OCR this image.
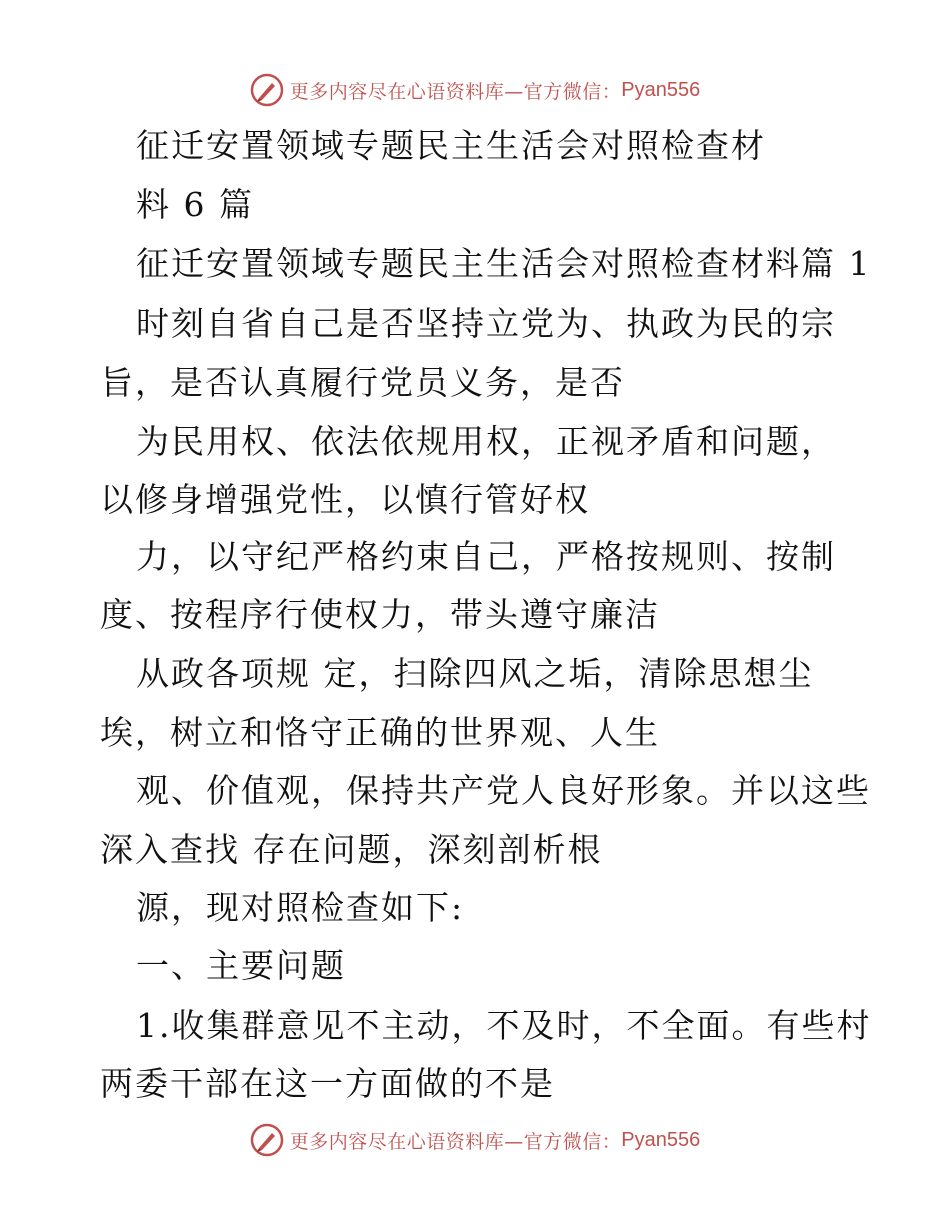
更多内容尽在心语资料库—官方微信： Pyan556
征迁安置领域专题民主生活会对照检查材
料 6 篇
征迁安置领域专题民主生活会对照检查材料篇 1
时刻自省自己是否坚持立党为、执政为民的宗
旨，是否认真履行党员义务，是否
为民用权、依法依规用权，正视矛盾和问题，
以修身增强党性，以慎行管好权
力，以守纪严格约束自己，严格按规则、按制
度、按程序行使权力，带头遵守廉洁
从政各项规 定，扫除四风之垢，清除思想尘
埃，树立和恪守正确的世界观、人生
观、价值观，保持共产党人良好形象。并以这些
深入查找 存在问题，深刻剖析根
源，现对照检查如下:
一、主要问题
1.收集群意见不主动，不及时，不全面。有些村
两委干部在这一方面做的不是
更多内容尽在心语资料库—官方微信： Pyan556
